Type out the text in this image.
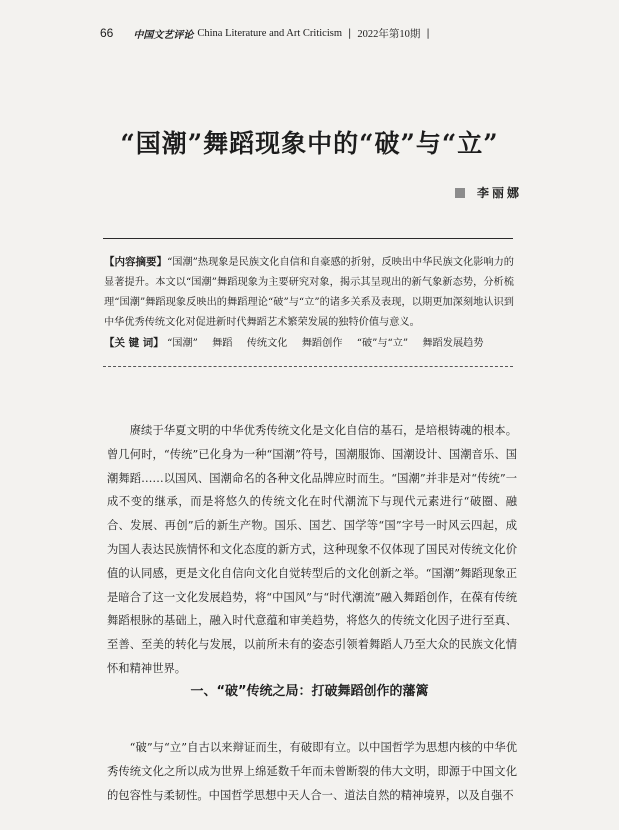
66 中国文艺评论 China Literature and Art Criticism | 2022年第10期 |
“国潮”舞蹈现象中的“破”与“立”
李丽娜

【内容摘要】“国潮”热现象是民族文化自信和自豪感的折射，反映出中华民族文化影响力的显著提升。本文以“国潮”舞蹈现象为主要研究对象，揭示其呈现出的新气象新态势，分析梳理“国潮”舞蹈现象反映出的舞蹈理论“破”与“立”的诸多关系及表现，以期更加深刻地认识到中华优秀传统文化对促进新时代舞蹈艺术繁荣发展的独特价值与意义。

【关 键 词】 “国潮” 舞蹈 传统文化 舞蹈创作 “破”与“立” 舞蹈发展趋势

赓续于华夏文明的中华优秀传统文化是文化自信的基石，是培根铸魂的根本。曾几何时，“传统”已化身为一种“国潮”符号，国潮服饰、国潮设计、国潮音乐、国潮舞蹈……以国风、国潮命名的各种文化品牌应时而生。“国潮”并非是对“传统”一成不变的继承，而是将悠久的传统文化在时代潮流下与现代元素进行“破圈、融合、发展、再创”后的新生产物。国乐、国艺、国学等“国”字号一时风云四起，成为国人表达民族情怀和文化态度的新方式，这种现象不仅体现了国民对传统文化价值的认同感，更是文化自信向文化自觉转型后的文化创新之举。“国潮”舞蹈现象正是暗合了这一文化发展趋势，将“中国风”与“时代潮流”融入舞蹈创作，在葆有传统舞蹈根脉的基础上，融入时代意蕴和审美趋势，将悠久的传统文化因子进行至真、至善、至美的转化与发展，以前所未有的姿态引领着舞蹈人乃至大众的民族文化情怀和精神世界。

一、“破”传统之局：打破舞蹈创作的藩篱

“破”与“立”自古以来辩证而生，有破即有立。以中国哲学为思想内核的中华优秀传统文化之所以成为世界上绵延数千年而未曾断裂的伟大文明，即源于中国文化的包容性与柔韧性。中国哲学思想中天人合一、道法自然的精神境界，以及自强不
